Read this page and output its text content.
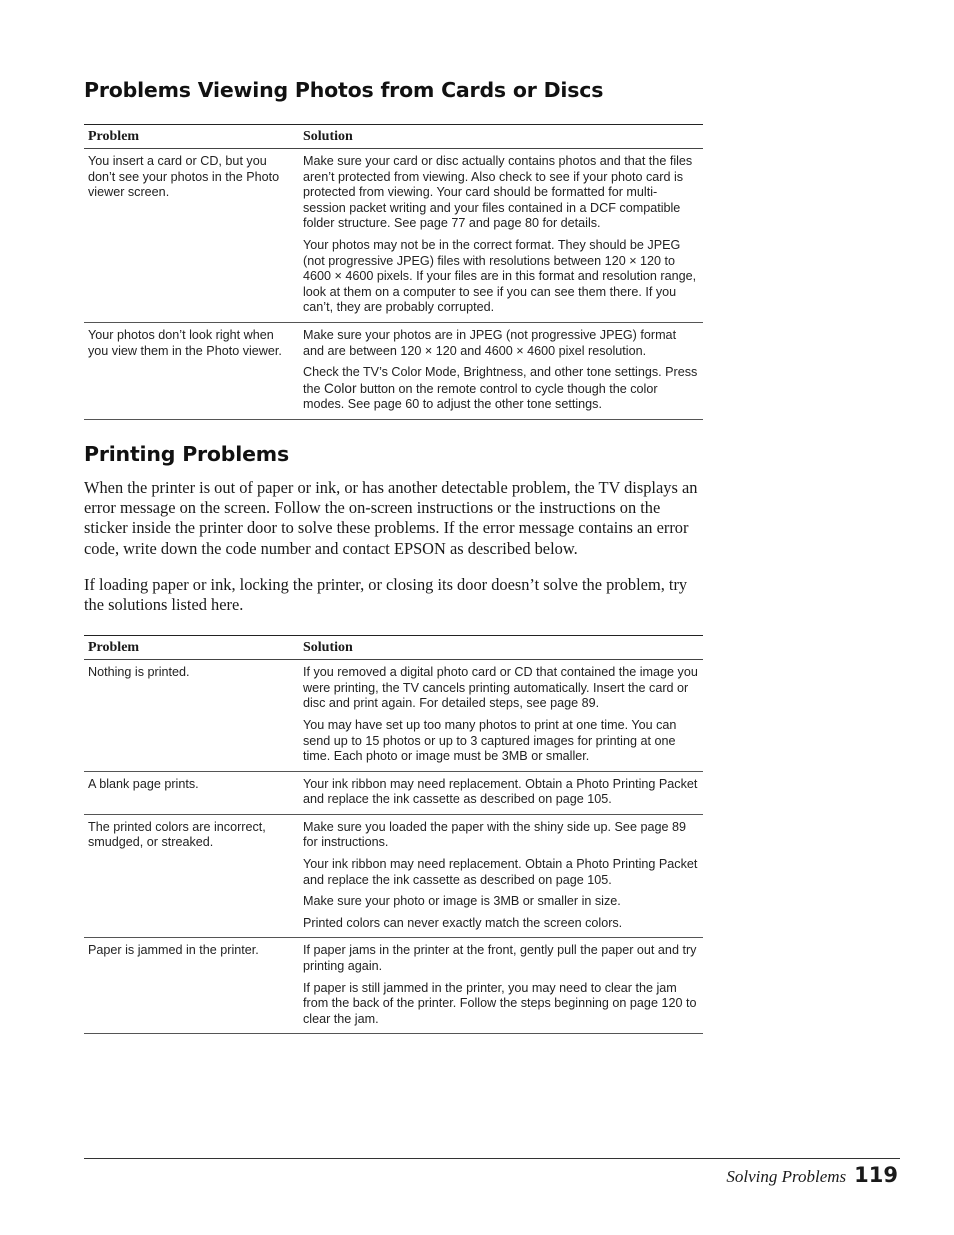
Problems Viewing Photos from Cards or Discs
Problem	Solution
You insert a card or CD, but you don’t see your photos in the Photo viewer screen.	Make sure your card or disc actually contains photos and that the files aren’t protected from viewing. Also check to see if your photo card is protected from viewing. Your card should be formatted for multi-session packet writing and your files contained in a DCF compatible folder structure. See page 77 and page 80 for details.

Your photos may not be in the correct format. They should be JPEG (not progressive JPEG) files with resolutions between 120 × 120 to 4600 × 4600 pixels. If your files are in this format and resolution range, look at them on a computer to see if you can see them there. If you can’t, they are probably corrupted.

Your photos don’t look right when you view them in the Photo viewer.	Make sure your photos are in JPEG (not progressive JPEG) format and are between 120 × 120 and 4600 × 4600 pixel resolution.

Check the TV’s Color Mode, Brightness, and other tone settings. Press the Color button on the remote control to cycle though the color modes. See page 60 to adjust the other tone settings.

Printing Problems

When the printer is out of paper or ink, or has another detectable problem, the TV displays an error message on the screen. Follow the on-screen instructions or the instructions on the sticker inside the printer door to solve these problems. If the error message contains an error code, write down the code number and contact EPSON as described below.

If loading paper or ink, locking the printer, or closing its door doesn’t solve the problem, try the solutions listed here.

Problem	Solution
Nothing is printed.	If you removed a digital photo card or CD that contained the image you were printing, the TV cancels printing automatically. Insert the card or disc and print again. For detailed steps, see page 89.

You may have set up too many photos to print at one time. You can send up to 15 photos or up to 3 captured images for printing at one time. Each photo or image must be 3MB or smaller.

A blank page prints.	Your ink ribbon may need replacement. Obtain a Photo Printing Packet and replace the ink cassette as described on page 105.

The printed colors are incorrect, smudged, or streaked.	Make sure you loaded the paper with the shiny side up. See page 89 for instructions.

Your ink ribbon may need replacement. Obtain a Photo Printing Packet and replace the ink cassette as described on page 105.

Make sure your photo or image is 3MB or smaller in size.

Printed colors can never exactly match the screen colors.

Paper is jammed in the printer.	If paper jams in the printer at the front, gently pull the paper out and try printing again.

If paper is still jammed in the printer, you may need to clear the jam from the back of the printer. Follow the steps beginning on page 120 to clear the jam.

Solving Problems 119
